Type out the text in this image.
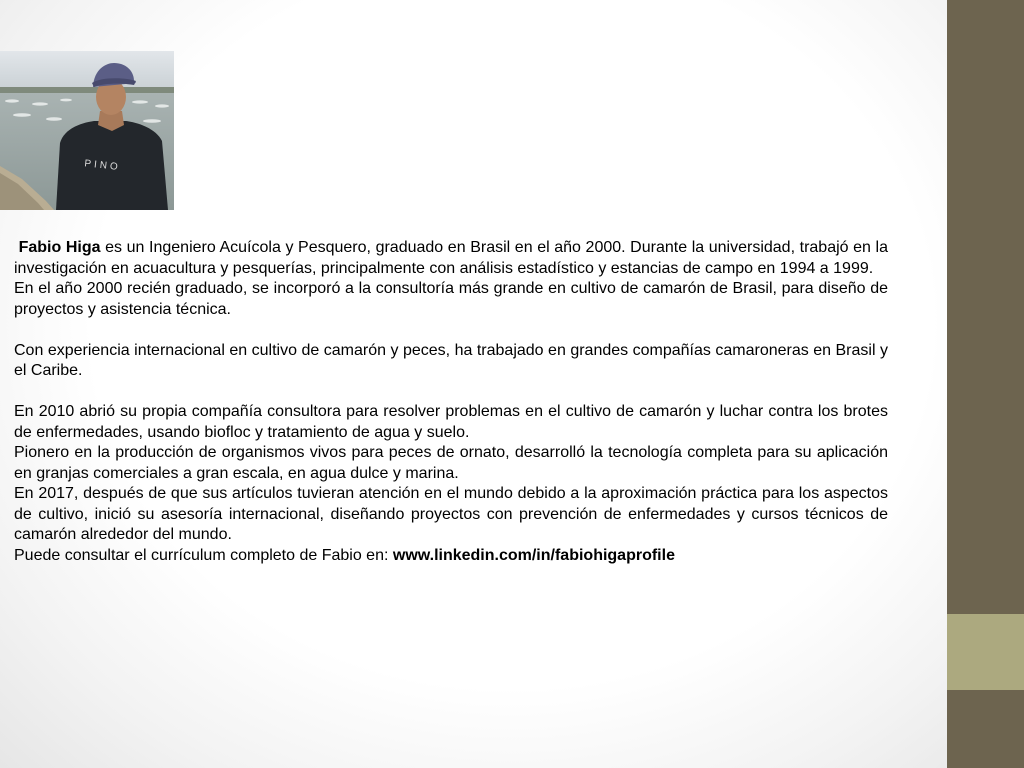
PINO

Fabio Higa es un Ingeniero Acuícola y Pesquero, graduado en Brasil en el año 2000. Durante la universidad, trabajó en la investigación en acuacultura y pesquerías, principalmente con análisis estadístico y estancias de campo en 1994 a 1999.

En el año 2000 recién graduado, se incorporó a la consultoría más grande en cultivo de camarón de Brasil, para diseño de proyectos y asistencia técnica.

Con experiencia internacional en cultivo de camarón y peces, ha trabajado en grandes compañías camaroneras en Brasil y el Caribe.

En 2010 abrió su propia compañía consultora para resolver problemas en el cultivo de camarón y luchar contra los brotes de enfermedades, usando biofloc y tratamiento de agua y suelo.

Pionero en la producción de organismos vivos para peces de ornato, desarrolló la tecnología completa para su aplicación en granjas comerciales a gran escala, en agua dulce y marina.

En 2017, después de que sus artículos tuvieran atención en el mundo debido a la aproximación práctica para los aspectos de cultivo, inició su asesoría internacional, diseñando proyectos con prevención de enfermedades y cursos técnicos de camarón alrededor del mundo.

Puede consultar el currículum completo de Fabio en: www.linkedin.com/in/fabiohigaprofile
